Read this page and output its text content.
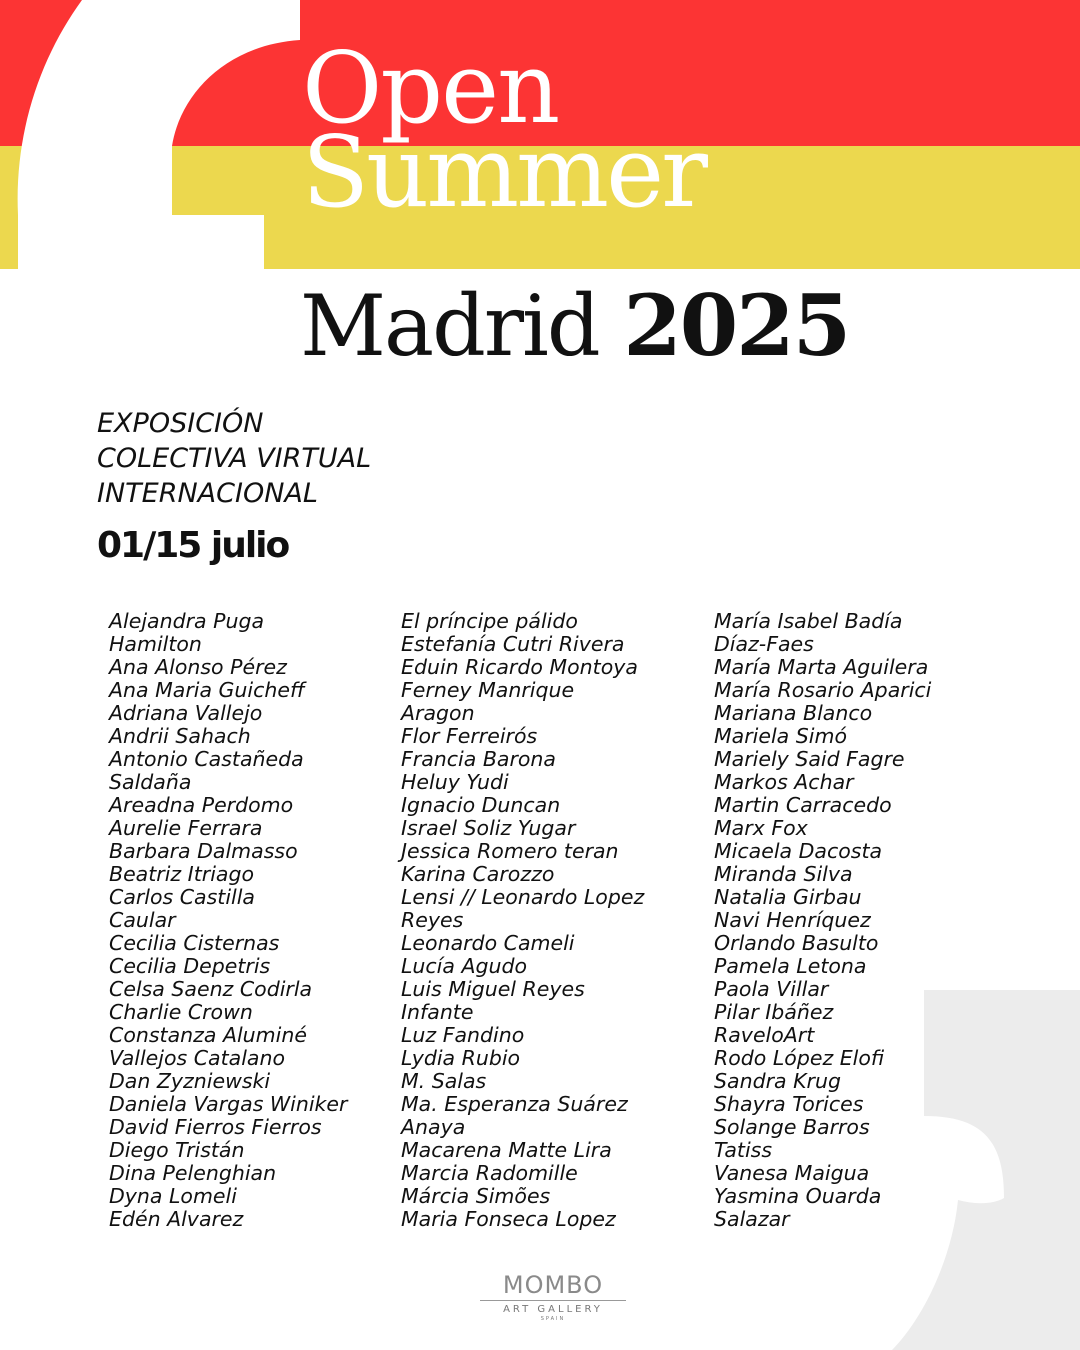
Open
Summer
Madrid 2025
EXPOSICIÓN
COLECTIVA VIRTUAL
INTERNACIONAL
01/15 julio
Alejandra Puga
Hamilton
Ana Alonso Pérez
Ana Maria Guicheff
Adriana Vallejo
Andrii Sahach
Antonio Castañeda
Saldaña
Areadna Perdomo
Aurelie Ferrara
Barbara Dalmasso
Beatriz Itriago
Carlos Castilla
Caular
Cecilia Cisternas
Cecilia Depetris
Celsa Saenz Codirla
Charlie Crown
Constanza Aluminé
Vallejos Catalano
Dan Zyzniewski
Daniela Vargas Winiker
David Fierros Fierros
Diego Tristán
Dina Pelenghian
Dyna Lomeli
Edén Alvarez
El príncipe pálido
Estefanía Cutri Rivera
Eduin Ricardo Montoya
Ferney Manrique
Aragon
Flor Ferreirós
Francia Barona
Heluy Yudi
Ignacio Duncan
Israel Soliz Yugar
Jessica Romero teran
Karina Carozzo
Lensi // Leonardo Lopez
Reyes
Leonardo Cameli
Lucía Agudo
Luis Miguel Reyes
Infante
Luz Fandino
Lydia Rubio
M. Salas
Ma. Esperanza Suárez
Anaya
Macarena Matte Lira
Marcia Radomille
Márcia Simões
Maria Fonseca Lopez
María Isabel Badía
Díaz-Faes
María Marta Aguilera
María Rosario Aparici
Mariana Blanco
Mariela Simó
Mariely Said Fagre
Markos Achar
Martin Carracedo
Marx Fox
Micaela Dacosta
Miranda Silva
Natalia Girbau
Navi Henríquez
Orlando Basulto
Pamela Letona
Paola Villar
Pilar Ibáñez
RaveloArt
Rodo López Elofi
Sandra Krug
Shayra Torices
Solange Barros
Tatiss
Vanesa Maigua
Yasmina Ouarda
Salazar
MOMBO
ART GALLERY
SPAIN
